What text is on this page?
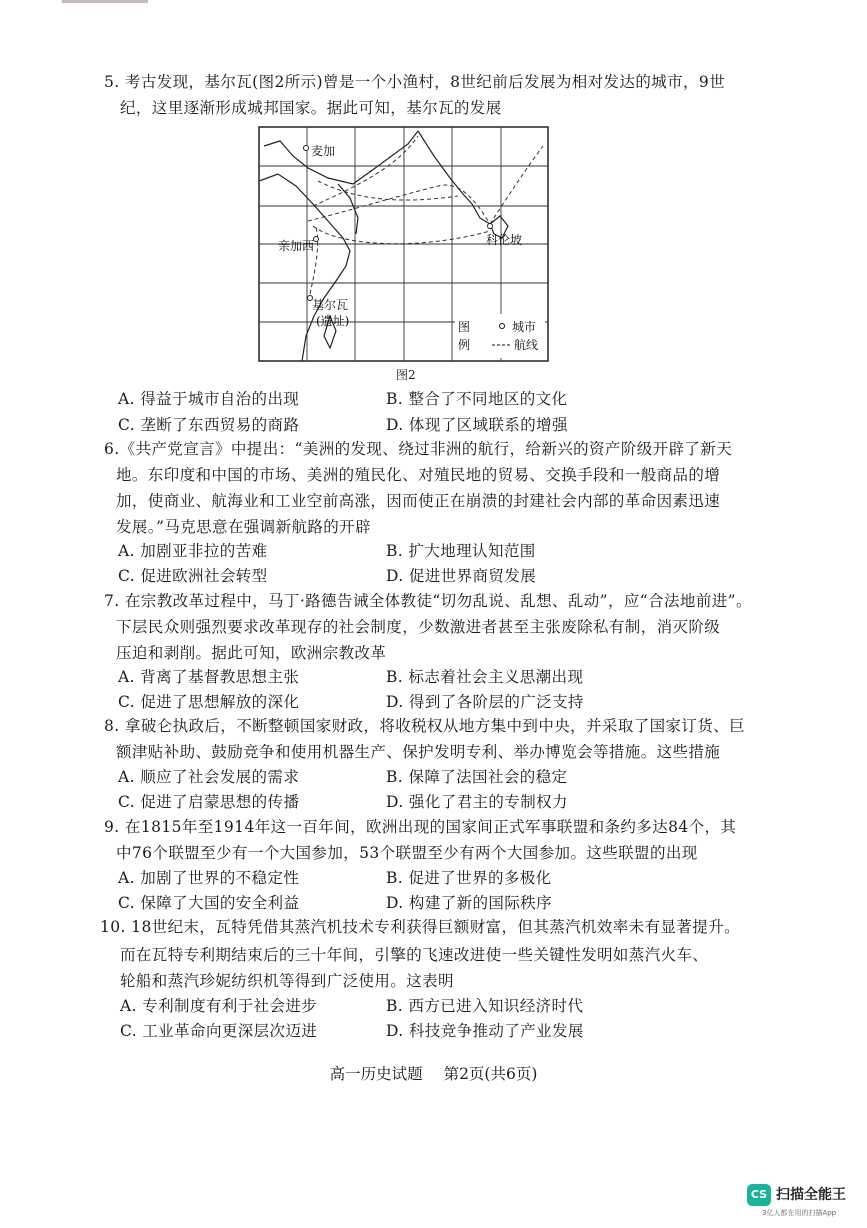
5. 考古发现，基尔瓦(图2所示)曾是一个小渔村，8世纪前后发展为相对发达的城市，9世
纪，这里逐渐形成城邦国家。据此可知，基尔瓦的发展
麦加
亲加西	科伦坡
基尔瓦
(遗址)	图
例
城市
航线
图2
A. 得益于城市自治的出现	B. 整合了不同地区的文化
C. 垄断了东西贸易的商路	D. 体现了区域联系的增强
6.《共产党宣言》中提出：“美洲的发现、绕过非洲的航行，给新兴的资产阶级开辟了新天
地。东印度和中国的市场、美洲的殖民化、对殖民地的贸易、交换手段和一般商品的增
加，使商业、航海业和工业空前高涨，因而使正在崩溃的封建社会内部的革命因素迅速
发展。”马克思意在强调新航路的开辟
A. 加剧亚非拉的苦难	B. 扩大地理认知范围
C. 促进欧洲社会转型	D. 促进世界商贸发展
7. 在宗教改革过程中，马丁·路德告诫全体教徒“切勿乱说、乱想、乱动”，应“合法地前进”。
下层民众则强烈要求改革现存的社会制度，少数激进者甚至主张废除私有制，消灭阶级
压迫和剥削。据此可知，欧洲宗教改革
A. 背离了基督教思想主张	B. 标志着社会主义思潮出现
C. 促进了思想解放的深化	D. 得到了各阶层的广泛支持
8. 拿破仑执政后，不断整顿国家财政，将收税权从地方集中到中央，并采取了国家订货、巨
额津贴补助、鼓励竞争和使用机器生产、保护发明专利、举办博览会等措施。这些措施
A. 顺应了社会发展的需求	B. 保障了法国社会的稳定
C. 促进了启蒙思想的传播	D. 强化了君主的专制权力
9. 在1815年至1914年这一百年间，欧洲出现的国家间正式军事联盟和条约多达84个，其
中76个联盟至少有一个大国参加，53个联盟至少有两个大国参加。这些联盟的出现
A. 加剧了世界的不稳定性	B. 促进了世界的多极化
C. 保障了大国的安全利益	D. 构建了新的国际秩序
10. 18世纪末，瓦特凭借其蒸汽机技术专利获得巨额财富，但其蒸汽机效率未有显著提升。
而在瓦特专利期结束后的三十年间，引擎的飞速改进使一些关键性发明如蒸汽火车、
轮船和蒸汽珍妮纺织机等得到广泛使用。这表明
A. 专利制度有利于社会进步	B. 西方已进入知识经济时代
C. 工业革命向更深层次迈进	D. 科技竞争推动了产业发展
高一历史试题 第2页(共6页)
CS 扫描全能王
3亿人都在用的扫描App
